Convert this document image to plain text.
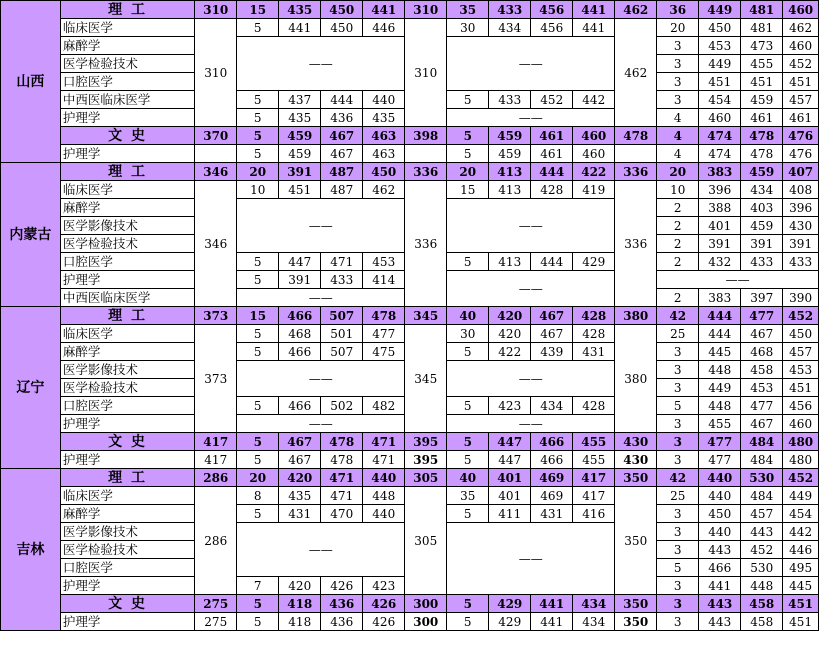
山西	理 工	310	15	435	450	441	310	35	433	456	441	462	36	449	481	460
	临床医学	310	5	441	450	446	310	30	434	456	441	462	20	450	481	462
	麻醉学		——					——					3	453	473	460
	医学检验技术												3	449	455	452
	口腔医学												3	451	451	451
	中西医临床医学		5	437	444	440		5	433	452	442		3	454	459	457
	护理学		5	435	436	435		——					4	460	461	461
	文 史	370	5	459	467	463	398	5	459	461	460	478	4	474	478	476
	护理学		5	459	467	463		5	459	461	460		4	474	478	476
内蒙古	理 工	346	20	391	487	450	336	20	413	444	422	336	20	383	459	407
	临床医学	346	10	451	487	462	336	15	413	428	419	336	10	396	434	408
	麻醉学		——					——					2	388	403	396
	医学影像技术												2	401	459	430
	医学检验技术												2	391	391	391
	口腔医学		5	447	471	453		5	413	444	429		2	432	433	433
	护理学		5	391	433	414		——					——			
	中西医临床医学		——										2	383	397	390
辽宁	理 工	373	15	466	507	478	345	40	420	467	428	380	42	444	477	452
	临床医学	373	5	468	501	477	345	30	420	467	428	380	25	444	467	450
	麻醉学		5	466	507	475		5	422	439	431		3	445	468	457
	医学影像技术		——					——					3	448	458	453
	医学检验技术												3	449	453	451
	口腔医学		5	466	502	482		5	423	434	428		5	448	477	456
	护理学		——					——					3	455	467	460
	文 史	417	5	467	478	471	395	5	447	466	455	430	3	477	484	480
	护理学	417	5	467	478	471	395	5	447	466	455	430	3	477	484	480
吉林	理 工	286	20	420	471	440	305	40	401	469	417	350	42	440	530	452
	临床医学	286	8	435	471	448	305	35	401	469	417	350	25	440	484	449
	麻醉学		5	431	470	440		5	411	431	416		3	450	457	454
	医学影像技术		——					——					3	440	443	442
	医学检验技术												3	443	452	446
	口腔医学												5	466	530	495
	护理学		7	420	426	423							3	441	448	445
	文 史	275	5	418	436	426	300	5	429	441	434	350	3	443	458	451
	护理学	275	5	418	436	426	300	5	429	441	434	350	3	443	458	451
